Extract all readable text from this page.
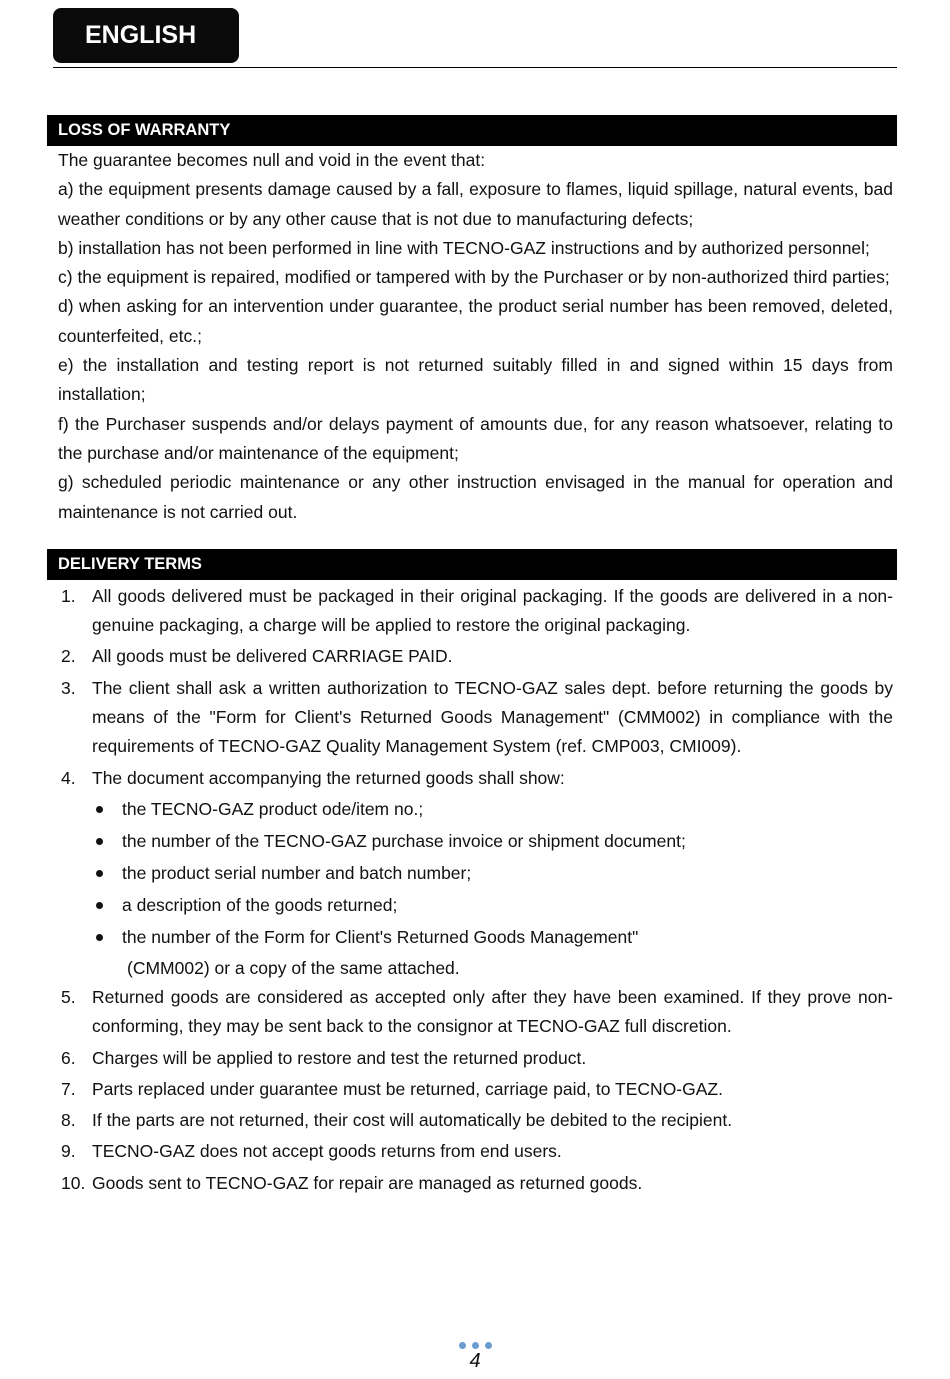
ENGLISH
LOSS OF WARRANTY

The guarantee becomes null and void in the event that:

a) the equipment presents damage caused by a fall, exposure to flames, liquid spillage, natural events, bad weather conditions or by any other cause that is not due to manufacturing defects;

b) installation has not been performed in line with TECNO-GAZ instructions and by authorized personnel;

c) the equipment is repaired, modified or tampered with by the Purchaser or by non-authorized third parties;

d) when asking for an intervention under guarantee, the product serial number has been removed, deleted, counterfeited, etc.;

e) the installation and testing report is not returned suitably filled in and signed within 15 days from installation;

f) the Purchaser suspends and/or delays payment of amounts due, for any reason whatsoever, relating to the purchase and/or maintenance of the equipment;

g) scheduled periodic maintenance or any other instruction envisaged in the manual for operation and maintenance is not carried out.

DELIVERY TERMS
1. All goods delivered must be packaged in their original packaging. If the goods are delivered in a non-genuine packaging, a charge will be applied to restore the original packaging.
2. All goods must be delivered CARRIAGE PAID.
3. The client shall ask a written authorization to TECNO-GAZ sales dept. before returning the goods by means of the "Form for Client's Returned Goods Management" (CMM002) in compliance with the requirements of TECNO-GAZ Quality Management System (ref. CMP003, CMI009).
4. The document accompanying the returned goods shall show:
the TECNO-GAZ product ode/item no.;
the number of the TECNO-GAZ purchase invoice or shipment document;
the product serial number and batch number;
a description of the goods returned;
the number of the Form for Client's Returned Goods Management"
(CMM002) or a copy of the same attached.
5. Returned goods are considered as accepted only after they have been examined. If they prove non-conforming, they may be sent back to the consignor at TECNO-GAZ full discretion.
6. Charges will be applied to restore and test the returned product.
7. Parts replaced under guarantee must be returned, carriage paid, to TECNO-GAZ.
8. If the parts are not returned, their cost will automatically be debited to the recipient.
9. TECNO-GAZ does not accept goods returns from end users.
10. Goods sent to TECNO-GAZ for repair are managed as returned goods.
4
